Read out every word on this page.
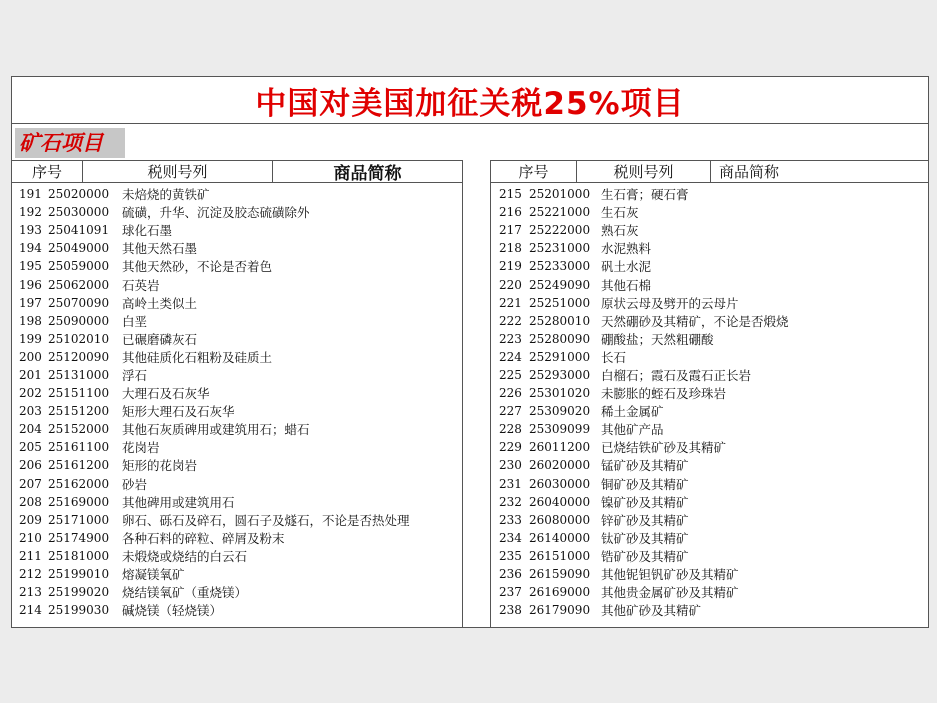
中国对美国加征关税25%项目
矿石项目
序号	税则号列	商品简称
191 25020000	未焙烧的黄铁矿
192 25030000	硫磺，升华、沉淀及胶态硫磺除外
193 25041091	球化石墨
194 25049000	其他天然石墨
195 25059000	其他天然砂，不论是否着色
196 25062000	石英岩
197 25070090	高岭土类似土
198 25090000	白垩
199 25102010	已碾磨磷灰石
200 25120090	其他硅质化石粗粉及硅质土
201 25131000	浮石
202 25151100	大理石及石灰华
203 25151200	矩形大理石及石灰华
204 25152000	其他石灰质碑用或建筑用石；蜡石
205 25161100	花岗岩
206 25161200	矩形的花岗岩
207 25162000	砂岩
208 25169000	其他碑用或建筑用石
209 25171000	卵石、砾石及碎石，圆石子及燧石，不论是否热处理
210 25174900	各种石料的碎粒、碎屑及粉末
211 25181000	未煅烧或烧结的白云石
212 25199010	熔凝镁氧矿
213 25199020	烧结镁氧矿（重烧镁）
214 25199030	碱烧镁（轻烧镁）
序号	税则号列	商品简称
215 25201000 生石膏；硬石膏
216 25221000 生石灰
217 25222000 熟石灰
218 25231000 水泥熟料
219 25233000 矾土水泥
220 25249090 其他石棉
221 25251000 原状云母及劈开的云母片
222 25280010 天然硼砂及其精矿，不论是否煅烧
223 25280090 硼酸盐；天然粗硼酸
224 25291000 长石
225 25293000 白榴石；霞石及霞石正长岩
226 25301020 未膨胀的蛭石及珍珠岩
227 25309020 稀土金属矿
228 25309099 其他矿产品
229 26011200 已烧结铁矿砂及其精矿
230 26020000 锰矿砂及其精矿
231 26030000 铜矿砂及其精矿
232 26040000 镍矿砂及其精矿
233 26080000 锌矿砂及其精矿
234 26140000 钛矿砂及其精矿
235 26151000 锆矿砂及其精矿
236 26159090 其他铌钽钒矿砂及其精矿
237 26169000 其他贵金属矿砂及其精矿
238 26179090 其他矿砂及其精矿
